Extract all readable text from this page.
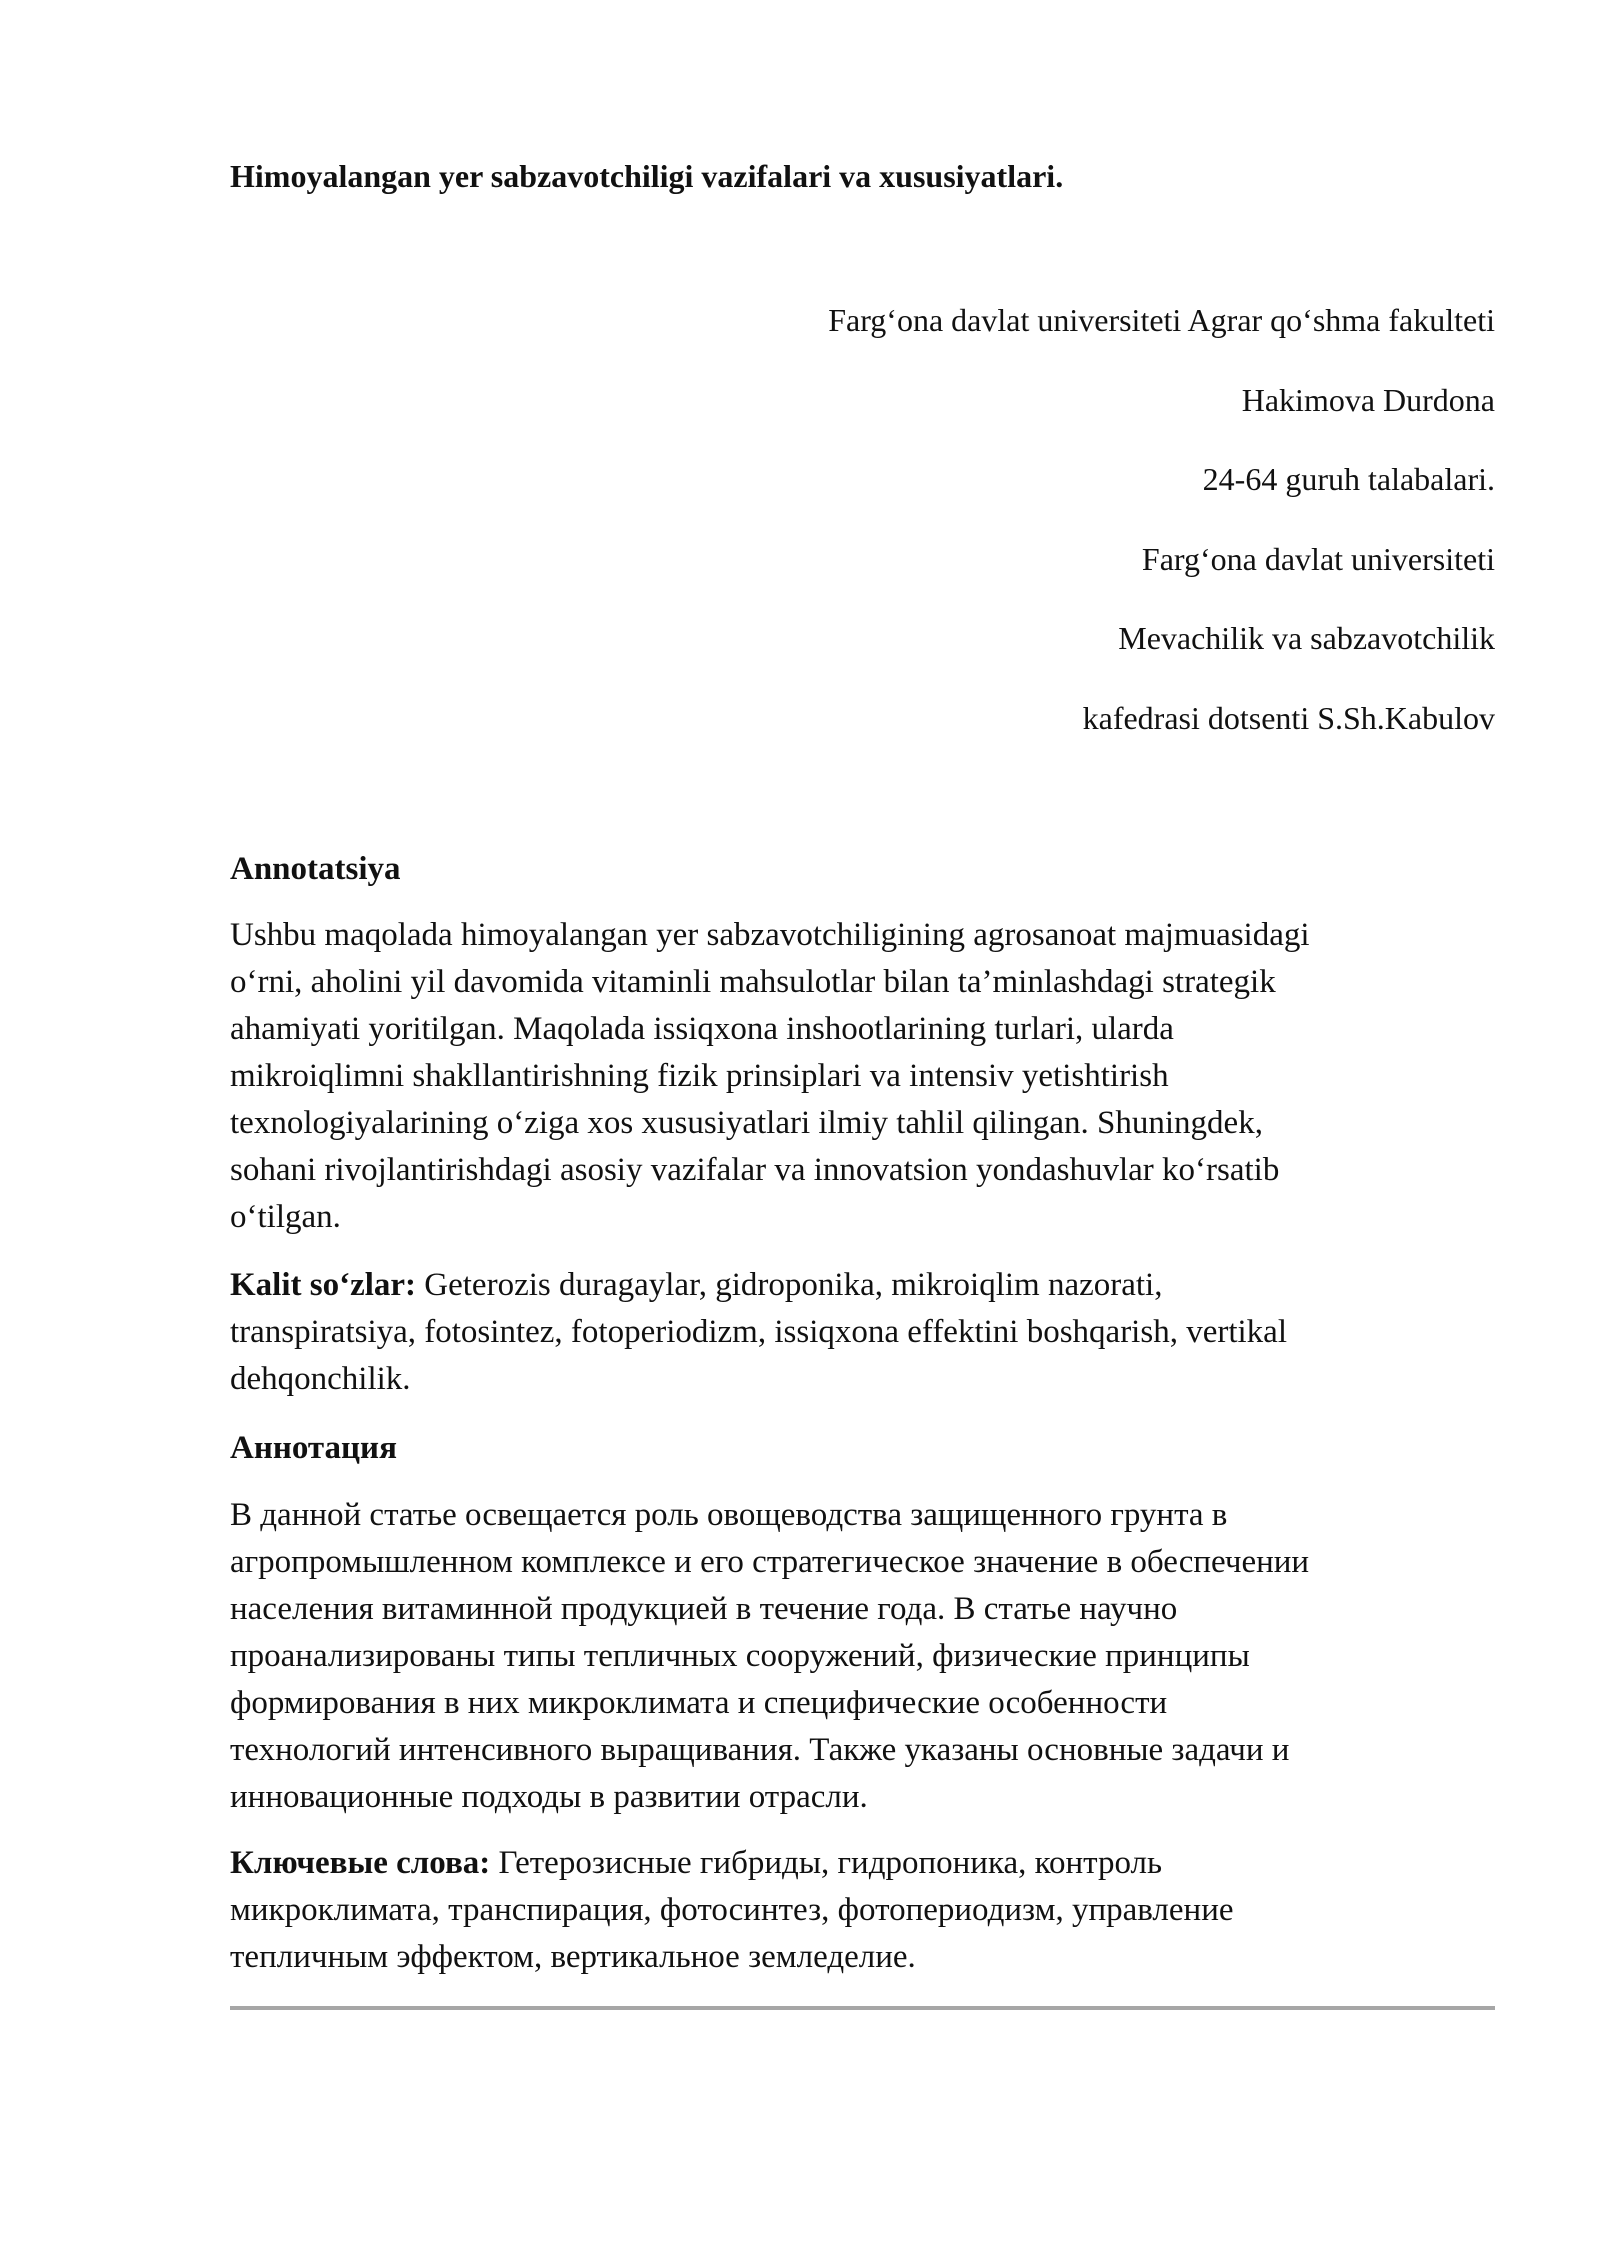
Himoyalangan yer sabzavotchiligi vazifalari va xususiyatlari.
Farg‘ona davlat universiteti Agrar qo‘shma fakulteti
Hakimova Durdona
24-64 guruh talabalari.
Farg‘ona davlat universiteti
Mevachilik va sabzavotchilik
kafedrasi dotsenti S.Sh.Kabulov

Annotatsiya

Ushbu maqolada himoyalangan yer sabzavotchiligining agrosanoat majmuasidagi
o‘rni, aholini yil davomida vitaminli mahsulotlar bilan ta’minlashdagi strategik
ahamiyati yoritilgan. Maqolada issiqxona inshootlarining turlari, ularda
mikroiqlimni shakllantirishning fizik prinsiplari va intensiv yetishtirish
texnologiyalarining o‘ziga xos xususiyatlari ilmiy tahlil qilingan. Shuningdek,
sohani rivojlantirishdagi asosiy vazifalar va innovatsion yondashuvlar ko‘rsatib
o‘tilgan.
Kalit so‘zlar: Geterozis duragaylar, gidroponika, mikroiqlim nazorati,
transpiratsiya, fotosintez, fotoperiodizm, issiqxona effektini boshqarish, vertikal
dehqonchilik.

Аннотация

В данной статье освещается роль овощеводства защищенного грунта в
агропромышленном комплексе и его стратегическое значение в обеспечении
населения витаминной продукцией в течение года. В статье научно
проанализированы типы тепличных сооружений, физические принципы
формирования в них микроклимата и специфические особенности
технологий интенсивного выращивания. Также указаны основные задачи и
инновационные подходы в развитии отрасли.
Ключевые слова: Гетерозисные гибриды, гидропоника, контроль
микроклимата, транспирация, фотосинтез, фотопериодизм, управление
тепличным эффектом, вертикальное земледелие.
